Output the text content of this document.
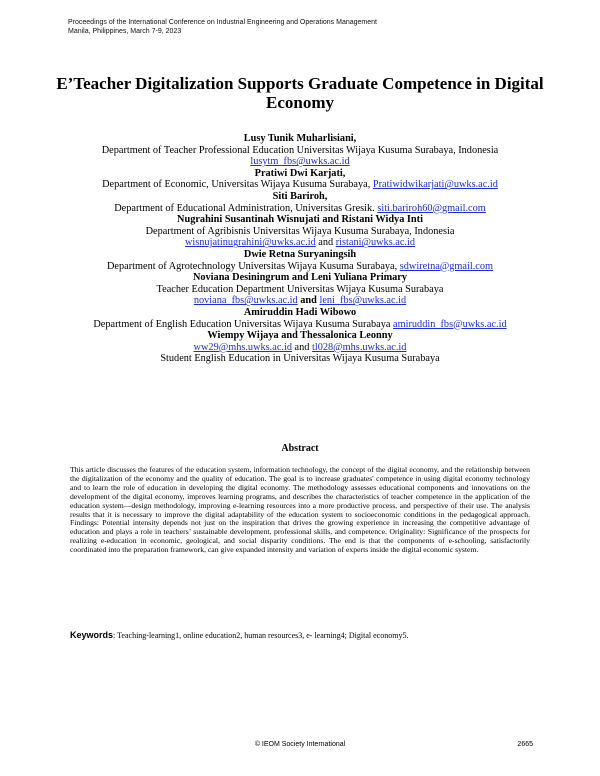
Proceedings of the International Conference on Industrial Engineering and Operations Management
Manila, Philippines, March 7-9, 2023
E’Teacher Digitalization Supports Graduate Competence in Digital Economy
Lusy Tunik Muharlisiani,
Department of Teacher Professional Education Universitas Wijaya Kusuma Surabaya, Indonesia
lusytm_fbs@uwks.ac.id
Pratiwi Dwi Karjati,
Department of Economic, Universitas Wijaya Kusuma Surabaya, Pratiwidwikarjati@uwks.ac.id
Siti Bariroh,
Department of Educational Administration, Universitas Gresik. siti.bariroh60@gmail.com
Nugrahini Susantinah Wisnujati and Ristani Widya Inti
Department of Agribisnis Universitas Wijaya Kusuma Surabaya, Indonesia
wisnujatinugrahini@uwks.ac.id and ristani@uwks.ac.id
Dwie Retna Suryaningsih
Department of Agrotechnology Universitas Wijaya Kusuma Surabaya, sdwiretna@gmail.com
Noviana Desiningrum and Leni Yuliana Primary
Teacher Education Department Universitas Wijaya Kusuma Surabaya
noviana_fbs@uwks.ac.id and leni_fbs@uwks.ac.id
Amiruddin Hadi Wibowo
Department of English Education Universitas Wijaya Kusuma Surabaya amiruddin_fbs@uwks.ac.id
Wiempy Wijaya and Thessalonica Leonny
ww29@mhs.uwks.ac.id and tl028@mhs.uwks.ac.id
Student English Education in Universitas Wijaya Kusuma Surabaya
Abstract

This article discusses the features of the education system, information technology, the concept of the digital economy, and the relationship between the digitalization of the economy and the quality of education. The goal is to increase graduates' competence in using digital economy technology and to learn the role of education in developing the digital economy. The methodology assesses educational components and innovations on the development of the digital economy, improves learning programs, and describes the characteristics of teacher competence in the application of the education system—design methodology, improving e-learning resources into a more productive process, and perspective of their use. The analysis results that it is necessary to improve the digital adaptability of the education system to socioeconomic conditions in the pedagogical approach. Findings: Potential intensity depends not just on the inspiration that drives the growing experience in increasing the competitive advantage of education and plays a role in teachers’ sustainable development, professional skills, and competence. Originality: Significance of the prospects for realizing e-education in economic, geological, and social disparity conditions. The end is that the components of e-schooling, satisfactorily coordinated into the preparation framework, can give expanded intensity and variation of experts inside the digital economic system.

Keywords: Teaching-learning1, online education2, human resources3, e- learning4; Digital economy5.
© IEOM Society International	2665
